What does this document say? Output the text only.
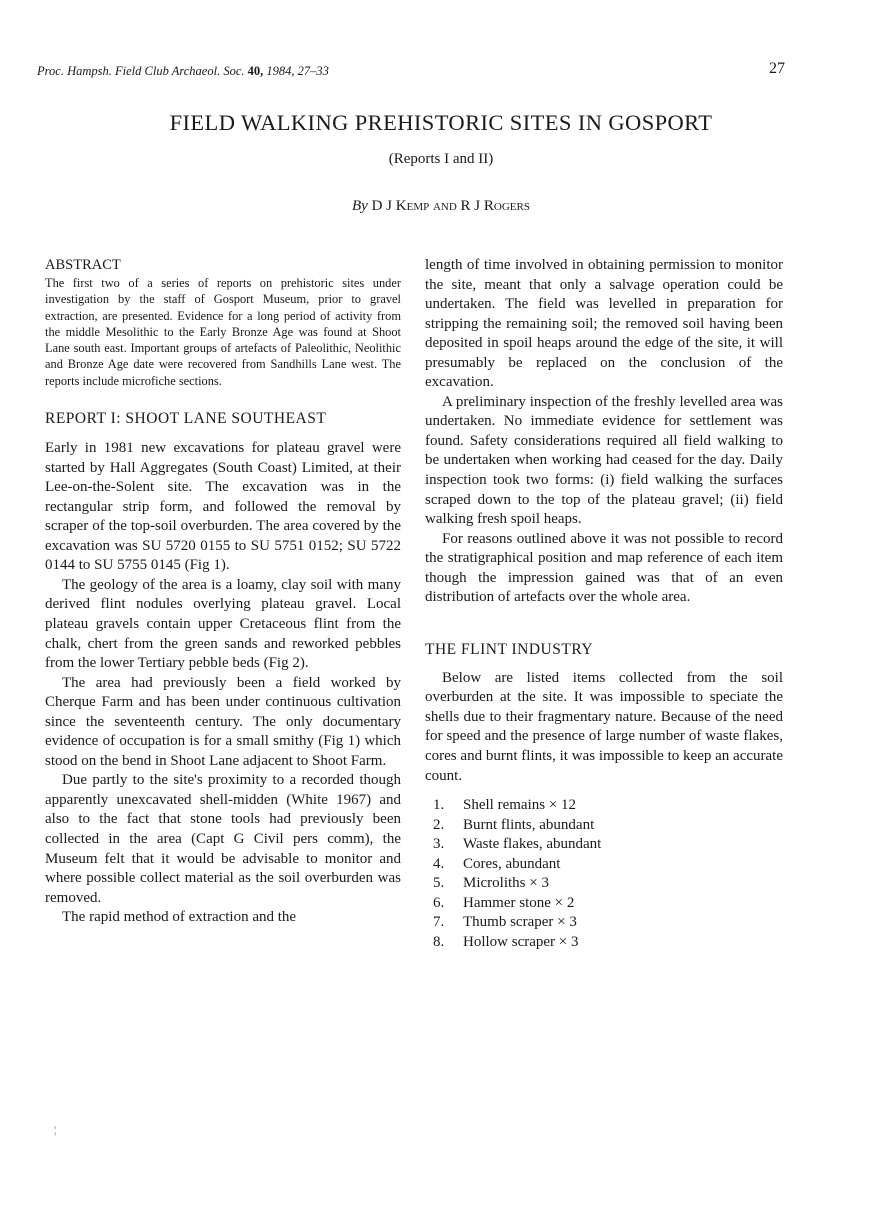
Proc. Hampsh. Field Club Archaeol. Soc. 40, 1984, 27–33	27
FIELD WALKING PREHISTORIC SITES IN GOSPORT
(Reports I and II)
By D J Kemp and R J Rogers
ABSTRACT

The first two of a series of reports on prehistoric sites under investigation by the staff of Gosport Museum, prior to gravel extraction, are presented. Evidence for a long period of activity from the middle Mesolithic to the Early Bronze Age was found at Shoot Lane south east. Important groups of artefacts of Paleolithic, Neolithic and Bronze Age date were recovered from Sandhills Lane west. The reports include microfiche sections.

REPORT I: SHOOT LANE SOUTHEAST

Early in 1981 new excavations for plateau gravel were started by Hall Aggregates (South Coast) Limited, at their Lee-on-the-Solent site. The excavation was in the rectangular strip form, and followed the removal by scraper of the top-soil overburden. The area covered by the excavation was SU 5720 0155 to SU 5751 0152; SU 5722 0144 to SU 5755 0145 (Fig 1).

The geology of the area is a loamy, clay soil with many derived flint nodules overlying plateau gravel. Local plateau gravels contain upper Cretaceous flint from the chalk, chert from the green sands and reworked pebbles from the lower Tertiary pebble beds (Fig 2).

The area had previously been a field worked by Cherque Farm and has been under continuous cultivation since the seventeenth century. The only documentary evidence of occupation is for a small smithy (Fig 1) which stood on the bend in Shoot Lane adjacent to Shoot Farm.

Due partly to the site's proximity to a recorded though apparently unexcavated shell-midden (White 1967) and also to the fact that stone tools had previously been collected in the area (Capt G Civil pers comm), the Museum felt that it would be advisable to monitor and where possible collect material as the soil overburden was removed.

The rapid method of extraction and the

length of time involved in obtaining permission to monitor the site, meant that only a salvage operation could be undertaken. The field was levelled in preparation for stripping the remaining soil; the removed soil having been deposited in spoil heaps around the edge of the site, it will presumably be replaced on the conclusion of the excavation.

A preliminary inspection of the freshly levelled area was undertaken. No immediate evidence for settlement was found. Safety considerations required all field walking to be undertaken when working had ceased for the day. Daily inspection took two forms: (i) field walking the surfaces scraped down to the top of the plateau gravel; (ii) field walking fresh spoil heaps.

For reasons outlined above it was not possible to record the stratigraphical position and map reference of each item though the impression gained was that of an even distribution of artefacts over the whole area.

THE FLINT INDUSTRY

Below are listed items collected from the soil overburden at the site. It was impossible to speciate the shells due to their fragmentary nature. Because of the need for speed and the presence of large number of waste flakes, cores and burnt flints, it was impossible to keep an accurate count.

1.	Shell remains × 12
2.	Burnt flints, abundant
3.	Waste flakes, abundant
4.	Cores, abundant
5.	Microliths × 3
6.	Hammer stone × 2
7.	Thumb scraper × 3
8.	Hollow scraper × 3
¦
